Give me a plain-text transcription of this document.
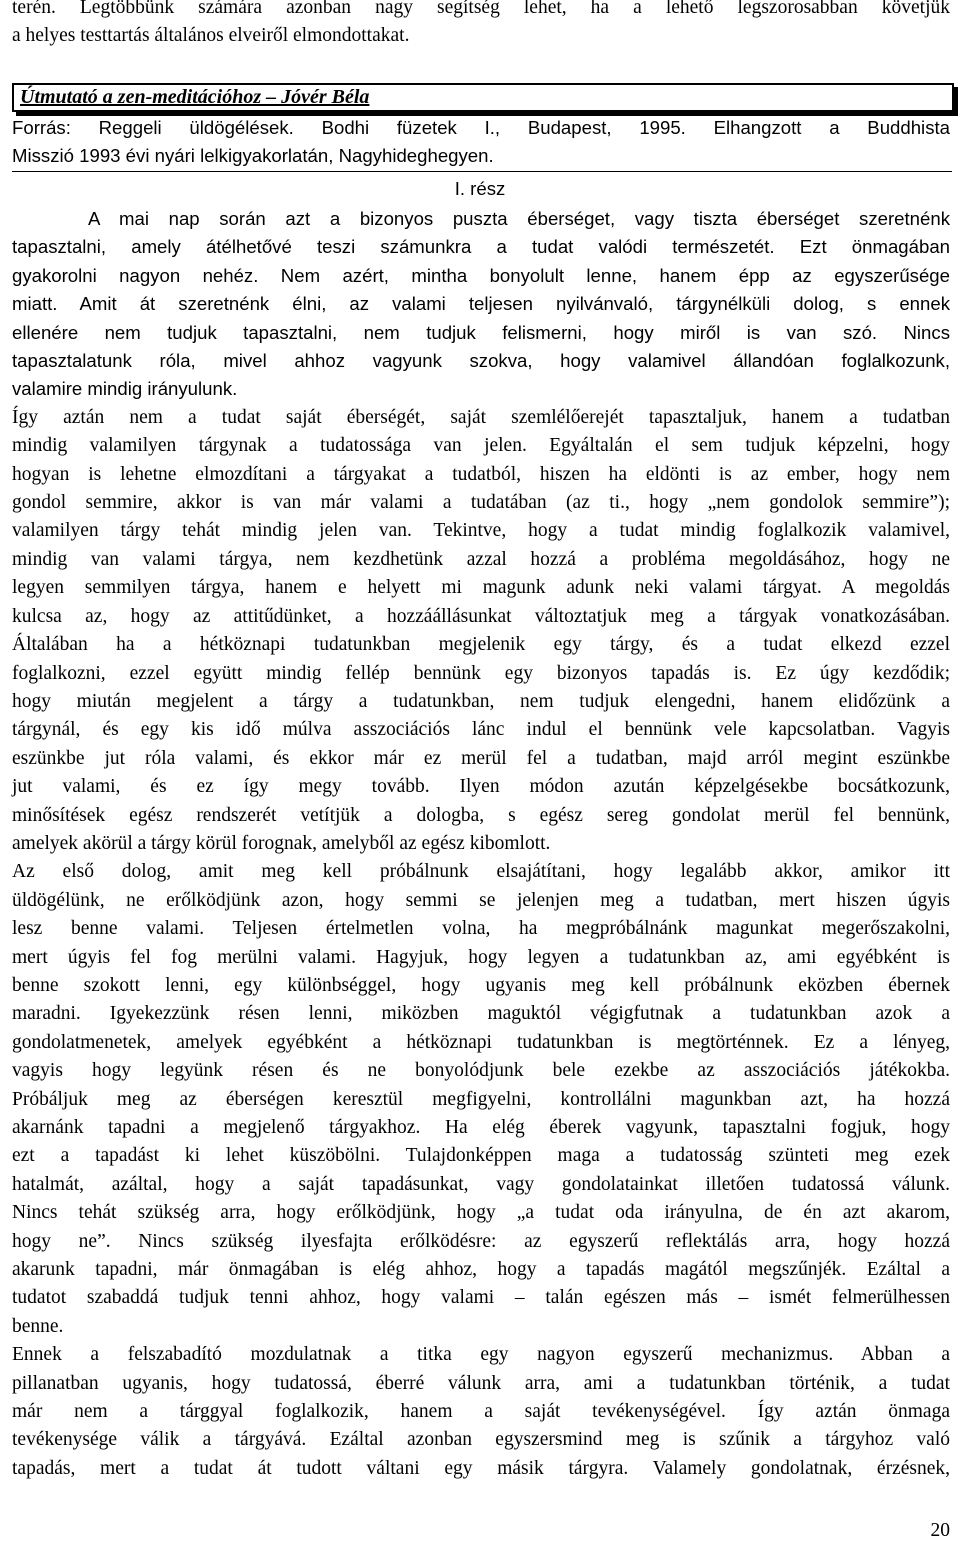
terén. Legtöbbünk számára azonban nagy segítség lehet, ha a lehető legszorosabban követjük
a helyes testtartás általános elveiről elmondottakat.
Útmutató a zen-meditációhoz – Jóvér Béla
Forrás: Reggeli üldögélések. Bodhi füzetek I., Budapest, 1995. Elhangzott a Buddhista
Misszió 1993 évi nyári lelkigyakorlatán, Nagyhideghegyen.
I. rész
A mai nap során azt a bizonyos puszta éberséget, vagy tiszta éberséget szeretnénk
tapasztalni, amely átélhetővé teszi számunkra a tudat valódi természetét. Ezt önmagában
gyakorolni nagyon nehéz. Nem azért, mintha bonyolult lenne, hanem épp az egyszerűsége
miatt. Amit át szeretnénk élni, az valami teljesen nyilvánvaló, tárgynélküli dolog, s ennek
ellenére nem tudjuk tapasztalni, nem tudjuk felismerni, hogy miről is van szó. Nincs
tapasztalatunk róla, mivel ahhoz vagyunk szokva, hogy valamivel állandóan foglalkozunk,
valamire mindig irányulunk.
Így aztán nem a tudat saját éberségét, saját szemlélőerejét tapasztaljuk, hanem a tudatban
mindig valamilyen tárgynak a tudatossága van jelen. Egyáltalán el sem tudjuk képzelni, hogy
hogyan is lehetne elmozdítani a tárgyakat a tudatból, hiszen ha eldönti is az ember, hogy nem
gondol semmire, akkor is van már valami a tudatában (az ti., hogy „nem gondolok semmire”);
valamilyen tárgy tehát mindig jelen van. Tekintve, hogy a tudat mindig foglalkozik valamivel,
mindig van valami tárgya, nem kezdhetünk azzal hozzá a probléma megoldásához, hogy ne
legyen semmilyen tárgya, hanem e helyett mi magunk adunk neki valami tárgyat. A megoldás
kulcsa az, hogy az attitűdünket, a hozzáállásunkat változtatjuk meg a tárgyak vonatkozásában.
Általában ha a hétköznapi tudatunkban megjelenik egy tárgy, és a tudat elkezd ezzel
foglalkozni, ezzel együtt mindig fellép bennünk egy bizonyos tapadás is. Ez úgy kezdődik;
hogy miután megjelent a tárgy a tudatunkban, nem tudjuk elengedni, hanem elidőzünk a
tárgynál, és egy kis idő múlva asszociációs lánc indul el bennünk vele kapcsolatban. Vagyis
eszünkbe jut róla valami, és ekkor már ez merül fel a tudatban, majd arról megint eszünkbe
jut valami, és ez így megy tovább. Ilyen módon azután képzelgésekbe bocsátkozunk,
minősítések egész rendszerét vetítjük a dologba, s egész sereg gondolat merül fel bennünk,
amelyek akörül a tárgy körül forognak, amelyből az egész kibomlott.
Az első dolog, amit meg kell próbálnunk elsajátítani, hogy legalább akkor, amikor itt
üldögélünk, ne erőlködjünk azon, hogy semmi se jelenjen meg a tudatban, mert hiszen úgyis
lesz benne valami. Teljesen értelmetlen volna, ha megpróbálnánk magunkat megerőszakolni,
mert úgyis fel fog merülni valami. Hagyjuk, hogy legyen a tudatunkban az, ami egyébként is
benne szokott lenni, egy különbséggel, hogy ugyanis meg kell próbálnunk eközben ébernek
maradni. Igyekezzünk résen lenni, miközben maguktól végigfutnak a tudatunkban azok a
gondolatmenetek, amelyek egyébként a hétköznapi tudatunkban is megtörténnek. Ez a lényeg,
vagyis hogy legyünk résen és ne bonyolódjunk bele ezekbe az asszociációs játékokba.
Próbáljuk meg az éberségen keresztül megfigyelni, kontrollálni magunkban azt, ha hozzá
akarnánk tapadni a megjelenő tárgyakhoz. Ha elég éberek vagyunk, tapasztalni fogjuk, hogy
ezt a tapadást ki lehet küszöbölni. Tulajdonképpen maga a tudatosság szünteti meg ezek
hatalmát, azáltal, hogy a saját tapadásunkat, vagy gondolatainkat illetően tudatossá válunk.
Nincs tehát szükség arra, hogy erőlködjünk, hogy „a tudat oda irányulna, de én azt akarom,
hogy ne”. Nincs szükség ilyesfajta erőlködésre: az egyszerű reflektálás arra, hogy hozzá
akarunk tapadni, már önmagában is elég ahhoz, hogy a tapadás magától megszűnjék. Ezáltal a
tudatot szabaddá tudjuk tenni ahhoz, hogy valami – talán egészen más – ismét felmerülhessen
benne.
Ennek a felszabadító mozdulatnak a titka egy nagyon egyszerű mechanizmus. Abban a
pillanatban ugyanis, hogy tudatossá, éberré válunk arra, ami a tudatunkban történik, a tudat
már nem a tárggyal foglalkozik, hanem a saját tevékenységével. Így aztán önmaga
tevékenysége válik a tárgyává. Ezáltal azonban egyszersmind meg is szűnik a tárgyhoz való
tapadás, mert a tudat át tudott váltani egy másik tárgyra. Valamely gondolatnak, érzésnek,
20
